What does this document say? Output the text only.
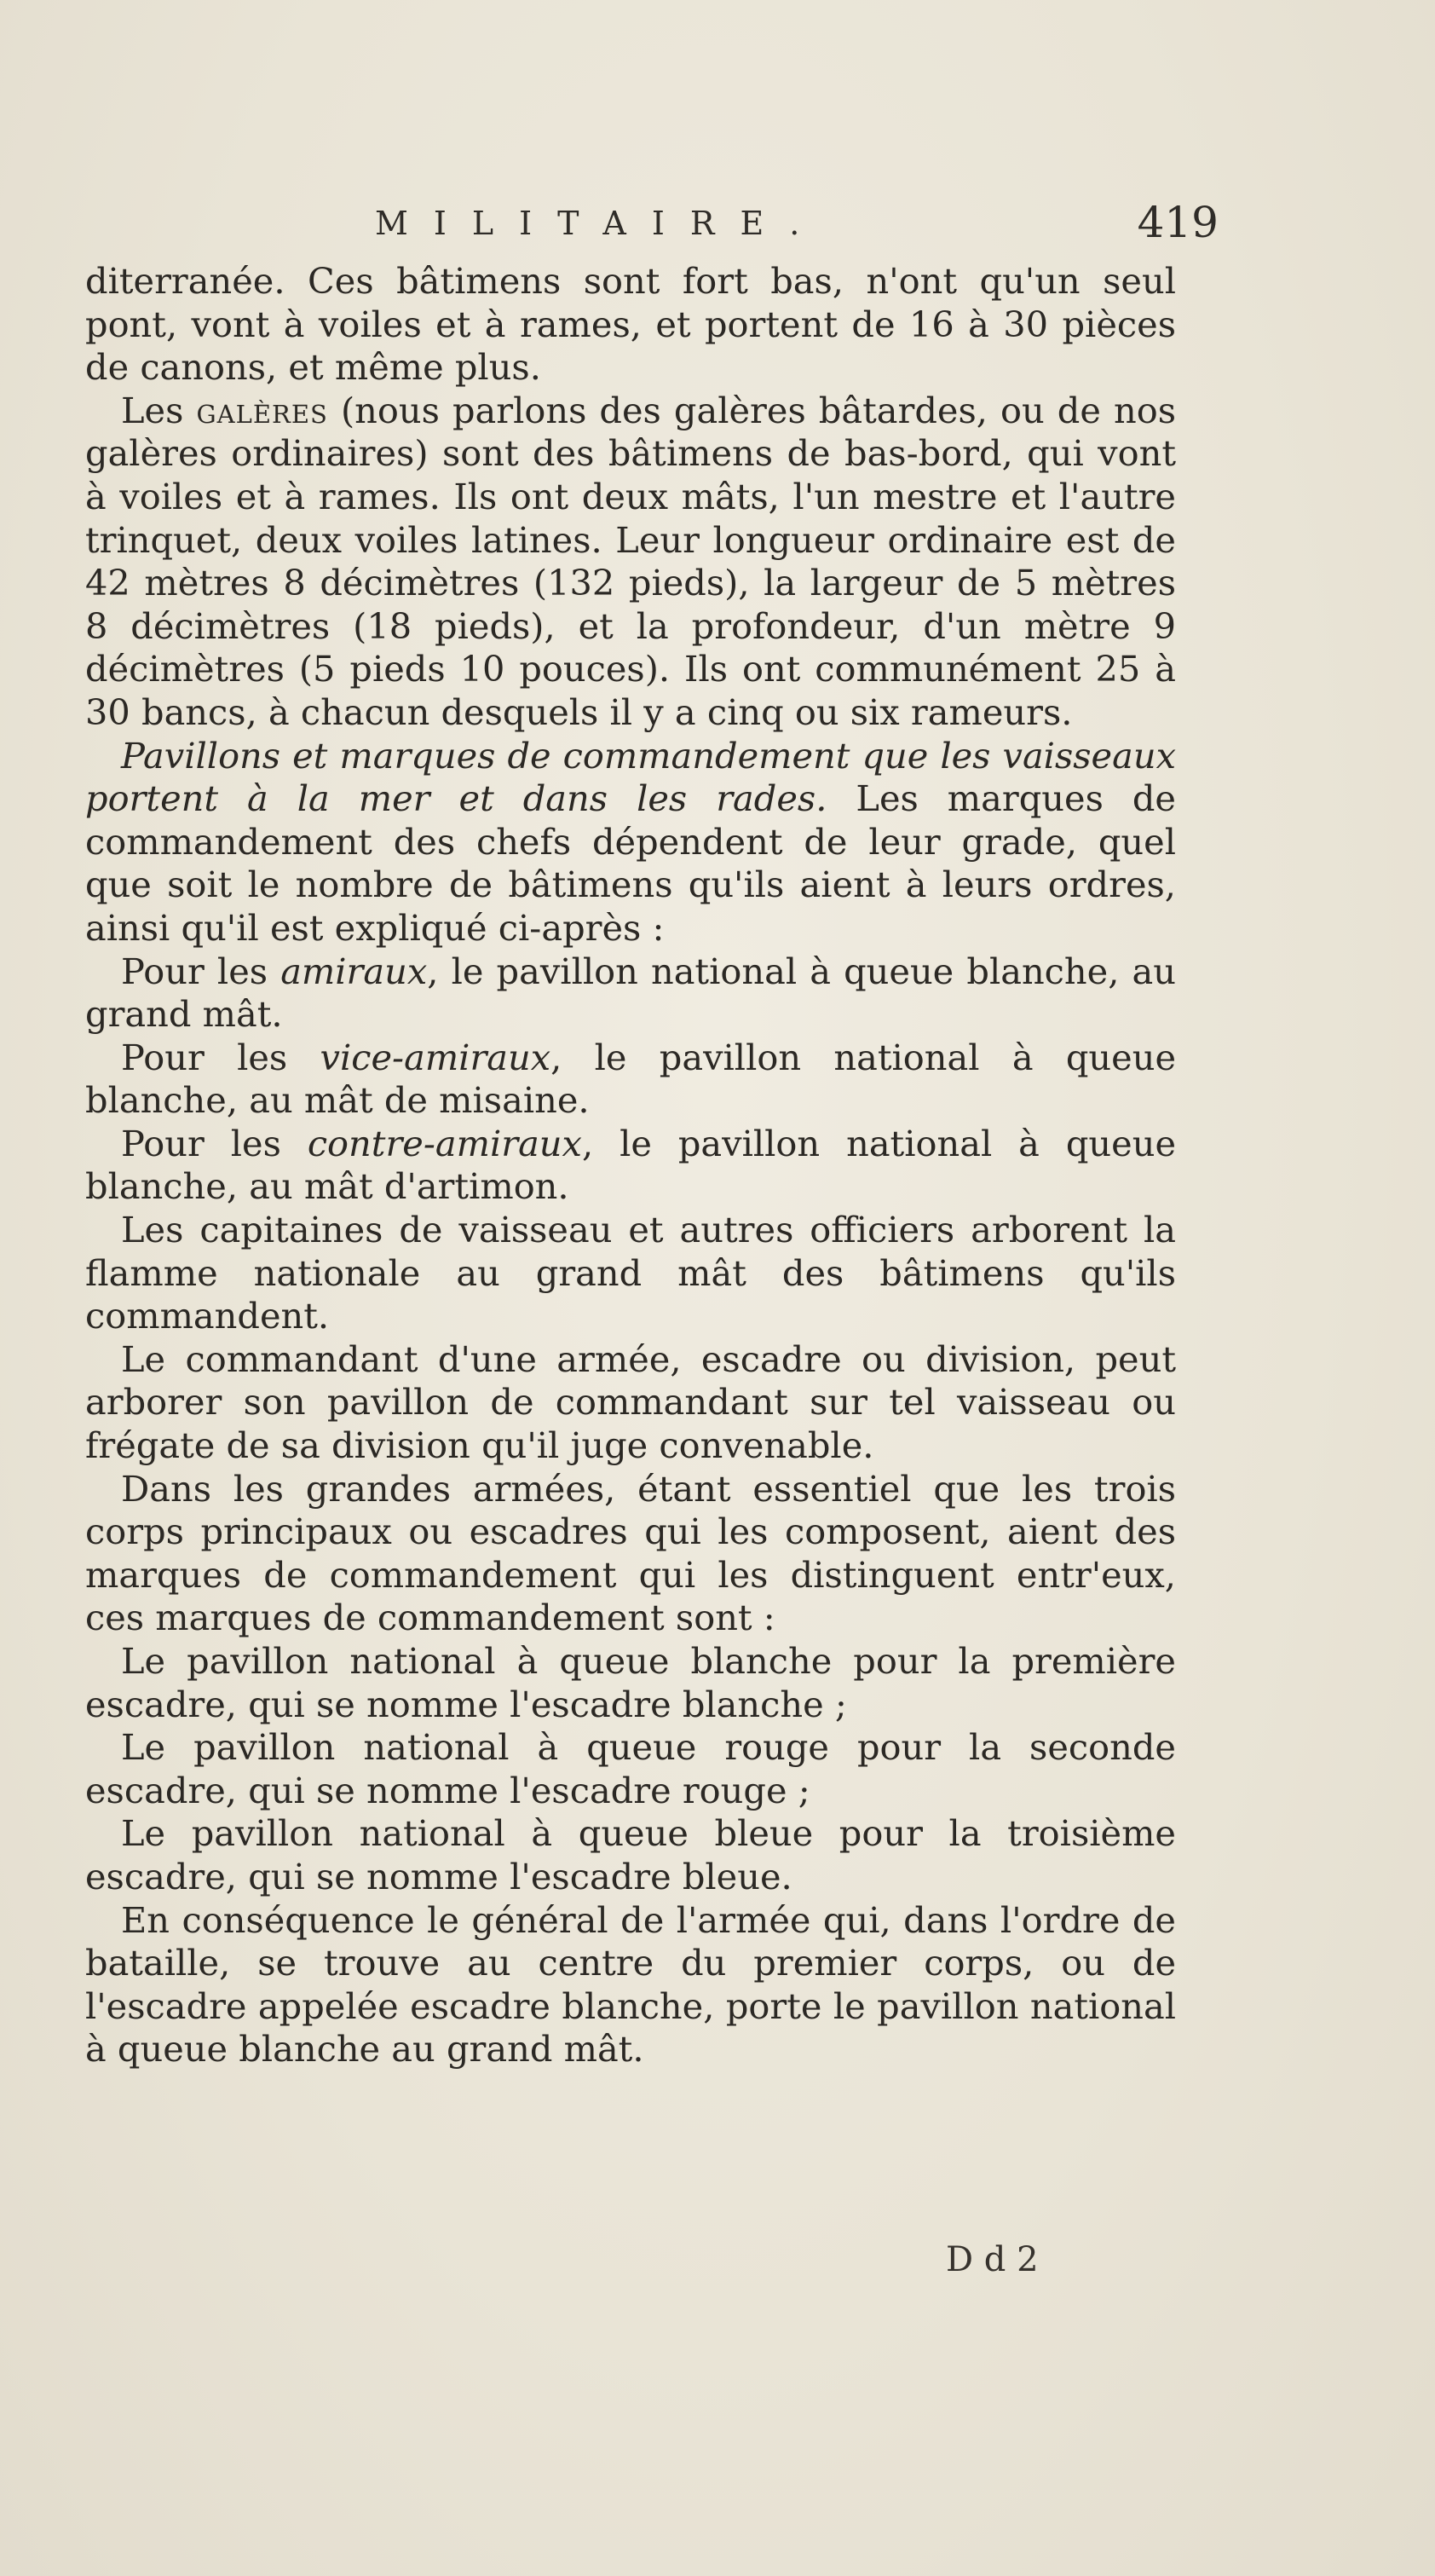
MILITAIRE.	419

diterranée. Ces bâtimens sont fort bas, n'ont qu'un seul pont, vont à voiles et à rames, et portent de 16 à 30 pièces de canons, et même plus.

Les galères (nous parlons des galères bâtardes, ou de nos galères ordinaires) sont des bâtimens de bas-bord, qui vont à voiles et à rames. Ils ont deux mâts, l'un mestre et l'autre trinquet, deux voiles latines. Leur longueur ordinaire est de 42 mètres 8 décimètres (132 pieds), la largeur de 5 mètres 8 décimètres (18 pieds), et la profondeur, d'un mètre 9 décimètres (5 pieds 10 pouces). Ils ont communément 25 à 30 bancs, à chacun desquels il y a cinq ou six rameurs.

Pavillons et marques de commandement que les vaisseaux portent à la mer et dans les rades. Les marques de commandement des chefs dépendent de leur grade, quel que soit le nombre de bâtimens qu'ils aient à leurs ordres, ainsi qu'il est expliqué ci-après :

Pour les amiraux, le pavillon national à queue blanche, au grand mât.

Pour les vice-amiraux, le pavillon national à queue blanche, au mât de misaine.

Pour les contre-amiraux, le pavillon national à queue blanche, au mât d'artimon.

Les capitaines de vaisseau et autres officiers arborent la flamme nationale au grand mât des bâtimens qu'ils commandent.

Le commandant d'une armée, escadre ou division, peut arborer son pavillon de commandant sur tel vaisseau ou frégate de sa division qu'il juge convenable.

Dans les grandes armées, étant essentiel que les trois corps principaux ou escadres qui les composent, aient des marques de commandement qui les distinguent entr'eux, ces marques de commandement sont :

Le pavillon national à queue blanche pour la première escadre, qui se nomme l'escadre blanche ;

Le pavillon national à queue rouge pour la seconde escadre, qui se nomme l'escadre rouge ;

Le pavillon national à queue bleue pour la troisième escadre, qui se nomme l'escadre bleue.

En conséquence le général de l'armée qui, dans l'ordre de bataille, se trouve au centre du premier corps, ou de l'escadre appelée escadre blanche, porte le pavillon national à queue blanche au grand mât.

D d 2
